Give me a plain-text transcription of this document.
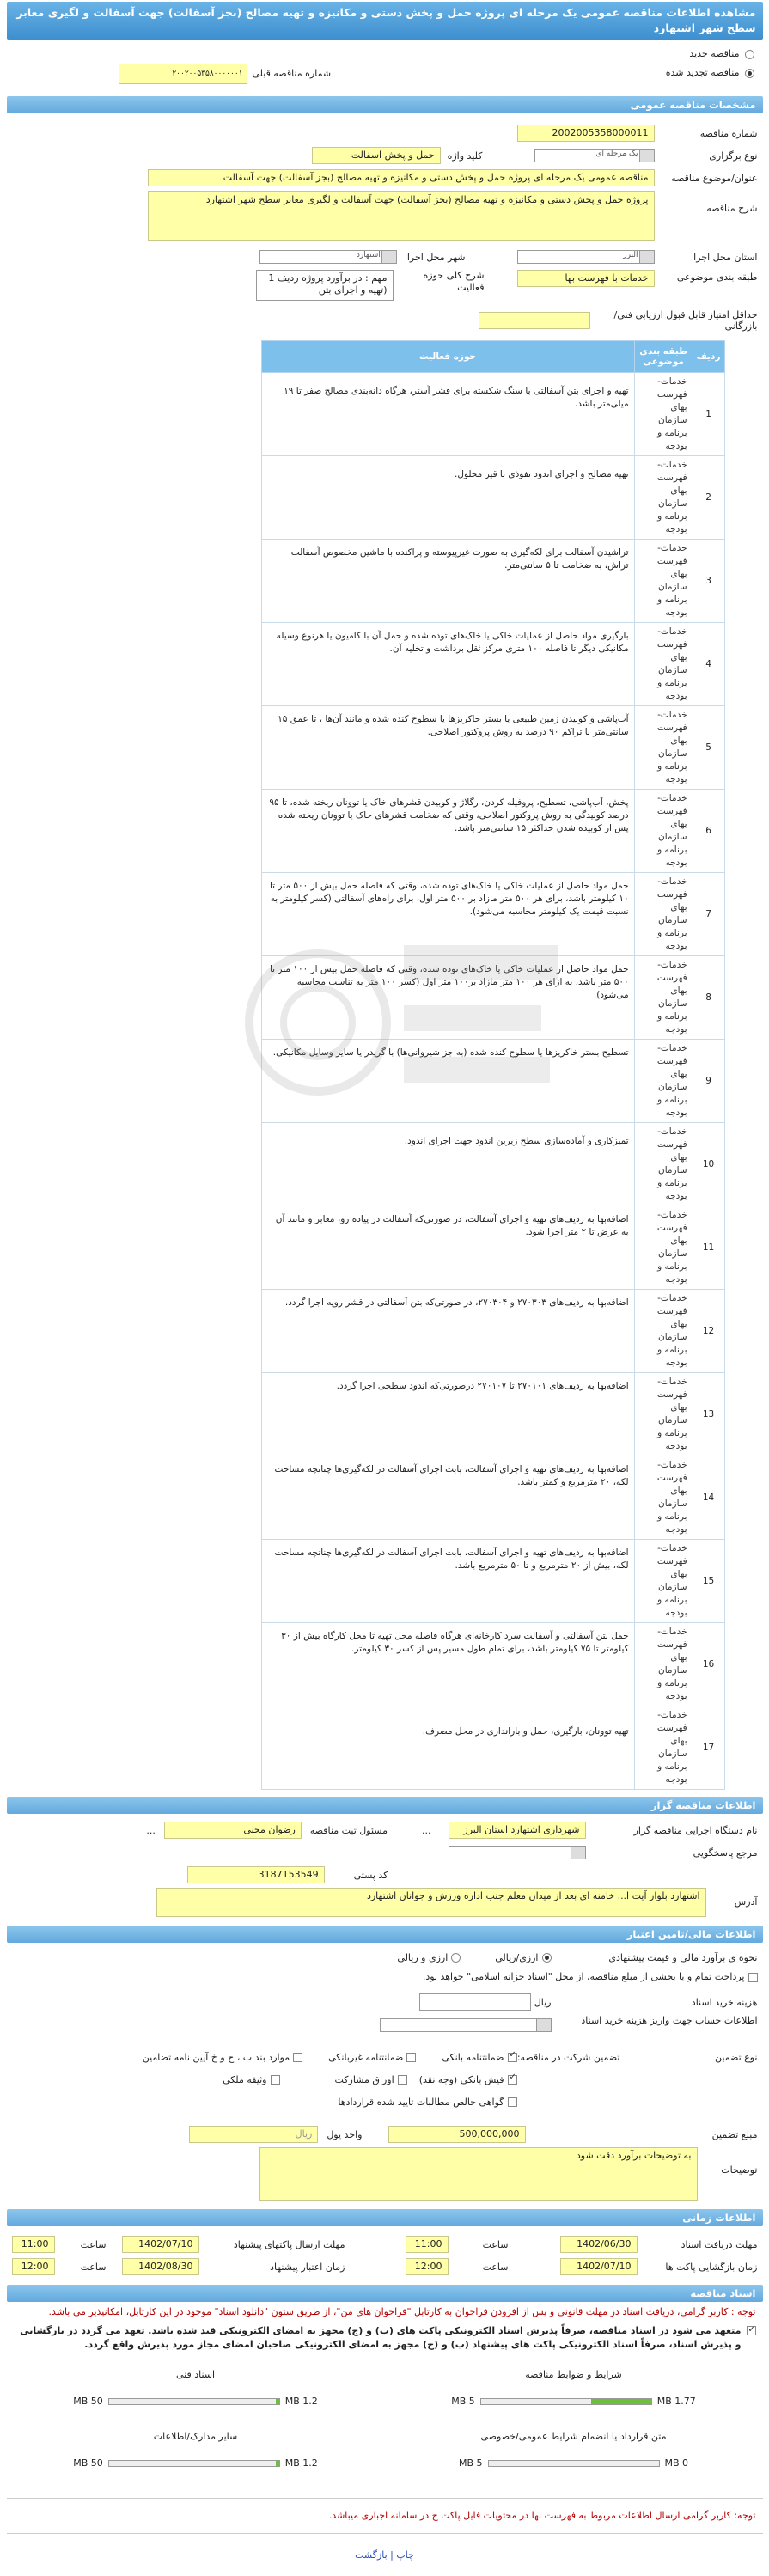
مشاهده اطلاعات مناقصه عمومی یک مرحله ای پروژه حمل و پخش دستی و مکانیزه و تهیه مصالح (بجز آسفالت) جهت آسفالت و لگیری معابر سطح شهر اشتهارد
مناقصه جدید
مناقصه تجدید شده
شماره مناقصه قبلی
۲۰۰۲۰۰۵۳۵۸۰۰۰۰۰۰۱
مشخصات مناقصه عمومی
شماره مناقصه
2002005358000011
نوع برگزاری
یک مرحله ای
کلید واژه
حمل و پخش آسفالت
عنوان/موضوع مناقصه
مناقصه عمومی یک مرحله ای پروژه حمل و پخش دستی و مکانیزه و تهیه مصالح (بجز آسفالت) جهت آسفالت
شرح مناقصه
پروژه حمل و پخش دستی و مکانیزه و تهیه مصالح (بجز آسفالت) جهت آسفالت و لگیری معابر سطح شهر اشتهارد
استان محل اجرا
البرز
شهر محل اجرا
اشتهارد
طبقه بندی موضوعی
خدمات با فهرست بها
شرح کلی حوزه فعالیت
مهم : در برآورد پروژه ردیف 1 (تهیه و اجرای بتن
حداقل امتیاز قابل قبول ارزیابی فنی/بازرگانی
ردیف	طبقه بندی موضوعی	حوزه فعالیت
1	خدمات- فهرست بهای سازمان برنامه و بودجه	تهیه و اجرای بتن آسفالتی با سنگ شکسته برای قشر آستر، هرگاه دانه‌بندی مصالح صفر تا ۱۹ میلی‌متر باشد.
2	خدمات- فهرست بهای سازمان برنامه و بودجه	تهیه مصالح و اجرای اندود نفوذی با قیر محلول.
3	خدمات- فهرست بهای سازمان برنامه و بودجه	تراشیدن آسفالت برای لکه‌گیری به صورت غیرپیوسته و پراکنده با ماشین مخصوص آسفالت تراش، به ضخامت تا ۵ سانتی‌متر.
4	خدمات- فهرست بهای سازمان برنامه و بودجه	بارگیری مواد حاصل از عملیات خاکی یا خاک‌های توده شده و حمل آن با کامیون یا هرنوع وسیله مکانیکی دیگر تا فاصله ۱۰۰ متری مرکز ثقل برداشت و تخلیه آن.
5	خدمات- فهرست بهای سازمان برنامه و بودجه	آب‌پاشی و کوبیدن زمین طبیعی یا بستر خاکریزها یا سطوح کنده شده و مانند آن‌ها ، تا عمق ۱۵ سانتی‌متر با تراکم ۹۰ درصد به روش پروکتور اصلاحی.
6	خدمات- فهرست بهای سازمان برنامه و بودجه	پخش، آب‌پاشی، تسطیح، پروفیله کردن، رگلاژ و کوبیدن قشرهای خاک یا توونان ریخته شده، تا ۹۵ درصد کوبیدگی به روش پروکتور اصلاحی، وقتی که ضخامت قشرهای خاک یا توونان ریخته شده پس از کوبیده شدن حداکثر ۱۵ سانتی‌متر باشد.
7	خدمات- فهرست بهای سازمان برنامه و بودجه	حمل مواد حاصل از عملیات خاکی یا خاک‌های توده شده، وقتی که فاصله حمل بیش از ۵۰۰ متر تا ۱۰ کیلومتر باشد، برای هر ۵۰۰ متر مازاد بر ۵۰۰ متر اول، برای راه‌های آسفالتی (کسر کیلومتر به نسبت قیمت یک کیلومتر محاسبه می‌شود).
8	خدمات- فهرست بهای سازمان برنامه و بودجه	حمل مواد حاصل از عملیات خاکی یا خاک‌های توده شده، وقتی که فاصله حمل بیش از ۱۰۰ متر تا ۵۰۰ متر باشد، به ازای هر ۱۰۰ متر مازاد بر۱۰۰ متر اول (کسر ۱۰۰ متر به تناسب محاسبه می‌شود).
9	خدمات- فهرست بهای سازمان برنامه و بودجه	تسطیح بستر خاکریزها یا سطوح کنده شده (به جز شیروانی‌ها) با گریدر یا سایر وسایل مکانیکی.
10	خدمات- فهرست بهای سازمان برنامه و بودجه	تمیزکاری و آماده‌سازی سطح زیرین اندود جهت اجرای اندود.
11	خدمات- فهرست بهای سازمان برنامه و بودجه	اضافه‌بها به ردیف‌های تهیه و اجرای آسفالت، در صورتی‌که آسفالت در پیاده رو، معابر و مانند آن به عرض تا ۲ متر اجرا شود.
12	خدمات- فهرست بهای سازمان برنامه و بودجه	اضافه‌بها به ردیف‌های ۲۷۰۳۰۳ و ۲۷۰۳۰۴، در صورتی‌که بتن آسفالتی در قشر رویه اجرا گردد.
13	خدمات- فهرست بهای سازمان برنامه و بودجه	اضافه‌بها به ردیف‌های ۲۷۰۱۰۱ تا ۲۷۰۱۰۷ درصورتی‌که اندود سطحی اجرا گردد.
14	خدمات- فهرست بهای سازمان برنامه و بودجه	اضافه‌بها به ردیف‌های تهیه و اجرای آسفالت، بابت اجرای آسفالت در لکه‌گیری‌ها چنانچه مساحت لکه، ۲۰ مترمربع و کمتر باشد.
15	خدمات- فهرست بهای سازمان برنامه و بودجه	اضافه‌بها به ردیف‌های تهیه و اجرای آسفالت، بابت اجرای آسفالت در لکه‌گیری‌ها چنانچه مساحت لکه، بیش از ۲۰ مترمربع و تا ۵۰ مترمربع باشد.
16	خدمات- فهرست بهای سازمان برنامه و بودجه	حمل بتن آسفالتی و آسفالت سرد کارخانه‌ای هرگاه فاصله محل تهیه تا محل کارگاه بیش از ۳۰ کیلومتر تا ۷۵ کیلومتر باشد، برای تمام طول مسیر پس از کسر ۳۰ کیلومتر.
17	خدمات- فهرست بهای سازمان برنامه و بودجه	تهیه توونان، بارگیری، حمل و باراندازی در محل مصرف.
اطلاعات مناقصه گزار
نام دستگاه اجرایی مناقصه گزار
شهرداری اشتهارد استان البرز
...
مسئول ثبت مناقصه
رضوان محبی
...
مرجع پاسخگویی
کد پستی
3187153549
آدرس
اشتهارد بلوار آیت ا... خامنه ای بعد از میدان معلم جنب اداره ورزش و جوانان اشتهارد
اطلاعات مالی/تامین اعتبار
نحوه ی برآورد مالی و قیمت پیشنهادی
ارزی/ریالی
ارزی و ریالی
پرداخت تمام و یا بخشی از مبلغ مناقصه، از محل "اسناد خزانه اسلامی" خواهد بود.
هزینه خرید اسناد
ریال
اطلاعات حساب جهت واریز هزینه خرید اسناد
نوع تضمین
تضمین شرکت در مناقصه:
✓
ضمانتنامه بانکی
ضمانتنامه غیربانکی
موارد بند ب ، ج و خ آیین نامه تضامین
✓
فیش بانکی (وجه نقد)
اوراق مشارکت
وثیقه ملکی
گواهی خالص مطالبات تایید شده قراردادها
مبلغ تضمین
500,000,000
واحد پول
ریال
توضیحات
به توضیحات برآورد دقت شود
اطلاعات زمانی
مهلت دریافت اسناد
1402/06/30
ساعت
11:00
مهلت ارسال پاکتهای پیشنهاد
1402/07/10
ساعت
11:00
زمان بازگشایی پاکت ها
1402/07/10
ساعت
12:00
زمان اعتبار پیشنهاد
1402/08/30
ساعت
12:00
اسناد مناقصه
توجه : کاربر گرامی، دریافت اسناد در مهلت قانونی و پس از افزودن فراخوان به کارتابل "فراخوان های من"، از طریق ستون "دانلود اسناد" موجود در این کارتابل، امکانپذیر می باشد.
✓
متعهد می شود در اسناد مناقصه، صرفاً پذیرش اسناد الکترونیکی پاکت های (ب) و (ج) مجهز به امضای الکترونیکی قید شده باشد. تعهد می گردد در بارگشایی و پذیرش اسناد، صرفاً اسناد الکترونیکی پاکت های پیشنهاد (ب) و (ج) مجهز به امضای الکترونیکی صاحبان امضای مجاز مورد پذیرش واقع گردد.
شرایط و ضوابط مناقصه
1.77 MB
5 MB
اسناد فنی
1.2 MB
50 MB
متن قرارداد یا انضمام شرایط عمومی/خصوصی
0 MB
5 MB
سایر مدارک/اطلاعات
1.2 MB
50 MB
توجه: کاربر گرامی ارسال اطلاعات مربوط به فهرست بها در محتویات فایل پاکت ج در سامانه اجباری میباشد.
چاپ | بازگشت
